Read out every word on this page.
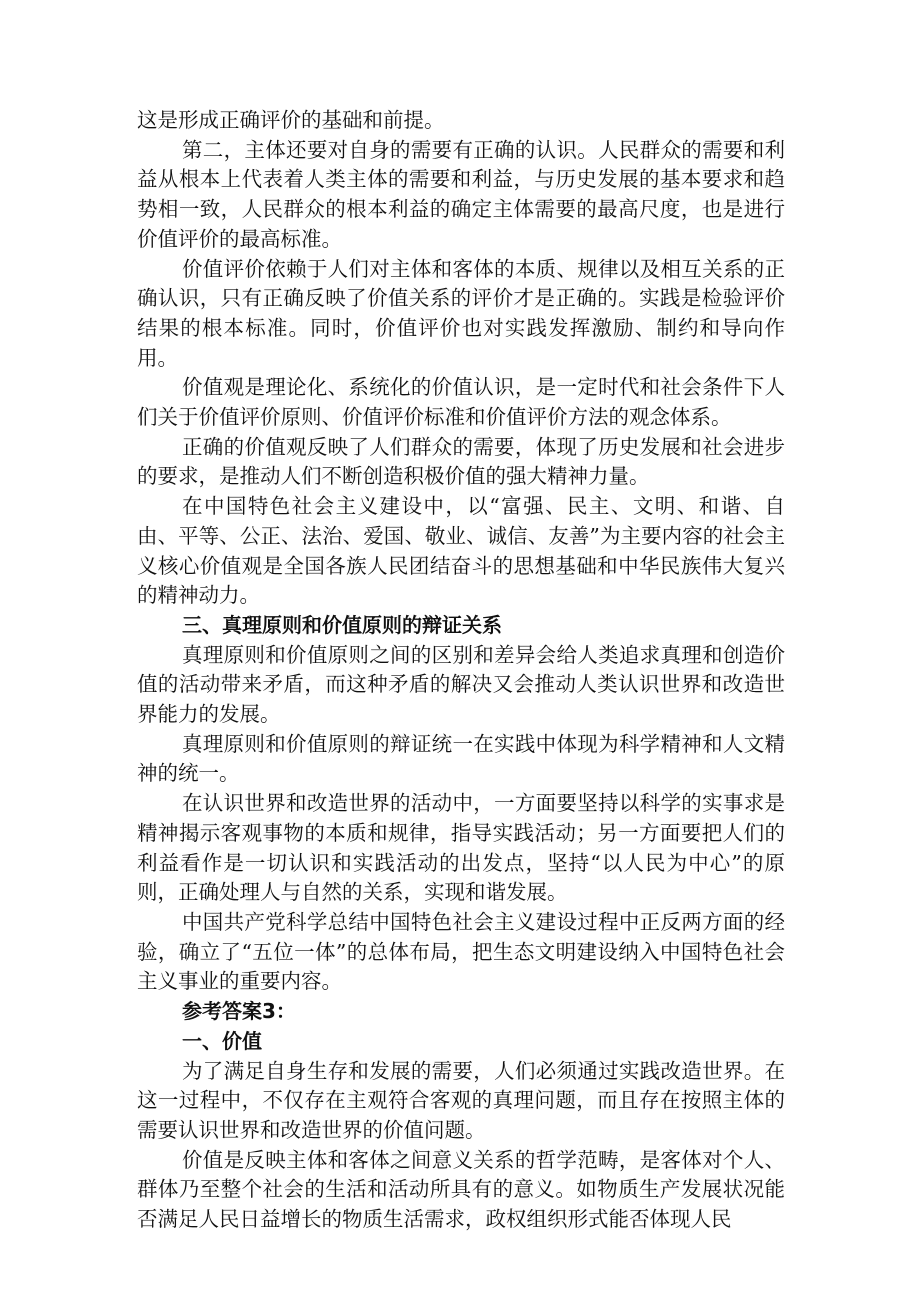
这是形成正确评价的基础和前提。

第二，主体还要对自身的需要有正确的认识。人民群众的需要和利益从根本上代表着人类主体的需要和利益，与历史发展的基本要求和趋势相一致，人民群众的根本利益的确定主体需要的最高尺度，也是进行价值评价的最高标准。

价值评价依赖于人们对主体和客体的本质、规律以及相互关系的正确认识，只有正确反映了价值关系的评价才是正确的。实践是检验评价结果的根本标准。同时，价值评价也对实践发挥激励、制约和导向作用。

价值观是理论化、系统化的价值认识，是一定时代和社会条件下人们关于价值评价原则、价值评价标准和价值评价方法的观念体系。

正确的价值观反映了人们群众的需要，体现了历史发展和社会进步的要求，是推动人们不断创造积极价值的强大精神力量。

在中国特色社会主义建设中，以“富强、民主、文明、和谐、自由、平等、公正、法治、爱国、敬业、诚信、友善”为主要内容的社会主义核心价值观是全国各族人民团结奋斗的思想基础和中华民族伟大复兴的精神动力。

三、真理原则和价值原则的辩证关系

真理原则和价值原则之间的区别和差异会给人类追求真理和创造价值的活动带来矛盾，而这种矛盾的解决又会推动人类认识世界和改造世界能力的发展。

真理原则和价值原则的辩证统一在实践中体现为科学精神和人文精神的统一。

在认识世界和改造世界的活动中，一方面要坚持以科学的实事求是精神揭示客观事物的本质和规律，指导实践活动；另一方面要把人们的利益看作是一切认识和实践活动的出发点，坚持“以人民为中心”的原则，正确处理人与自然的关系，实现和谐发展。

中国共产党科学总结中国特色社会主义建设过程中正反两方面的经验，确立了“五位一体”的总体布局，把生态文明建设纳入中国特色社会主义事业的重要内容。

参考答案3：

一、价值

为了满足自身生存和发展的需要，人们必须通过实践改造世界。在这一过程中，不仅存在主观符合客观的真理问题，而且存在按照主体的需要认识世界和改造世界的价值问题。

价值是反映主体和客体之间意义关系的哲学范畴，是客体对个人、群体乃至整个社会的生活和活动所具有的意义。如物质生产发展状况能否满足人民日益增长的物质生活需求，政权组织形式能否体现人民
